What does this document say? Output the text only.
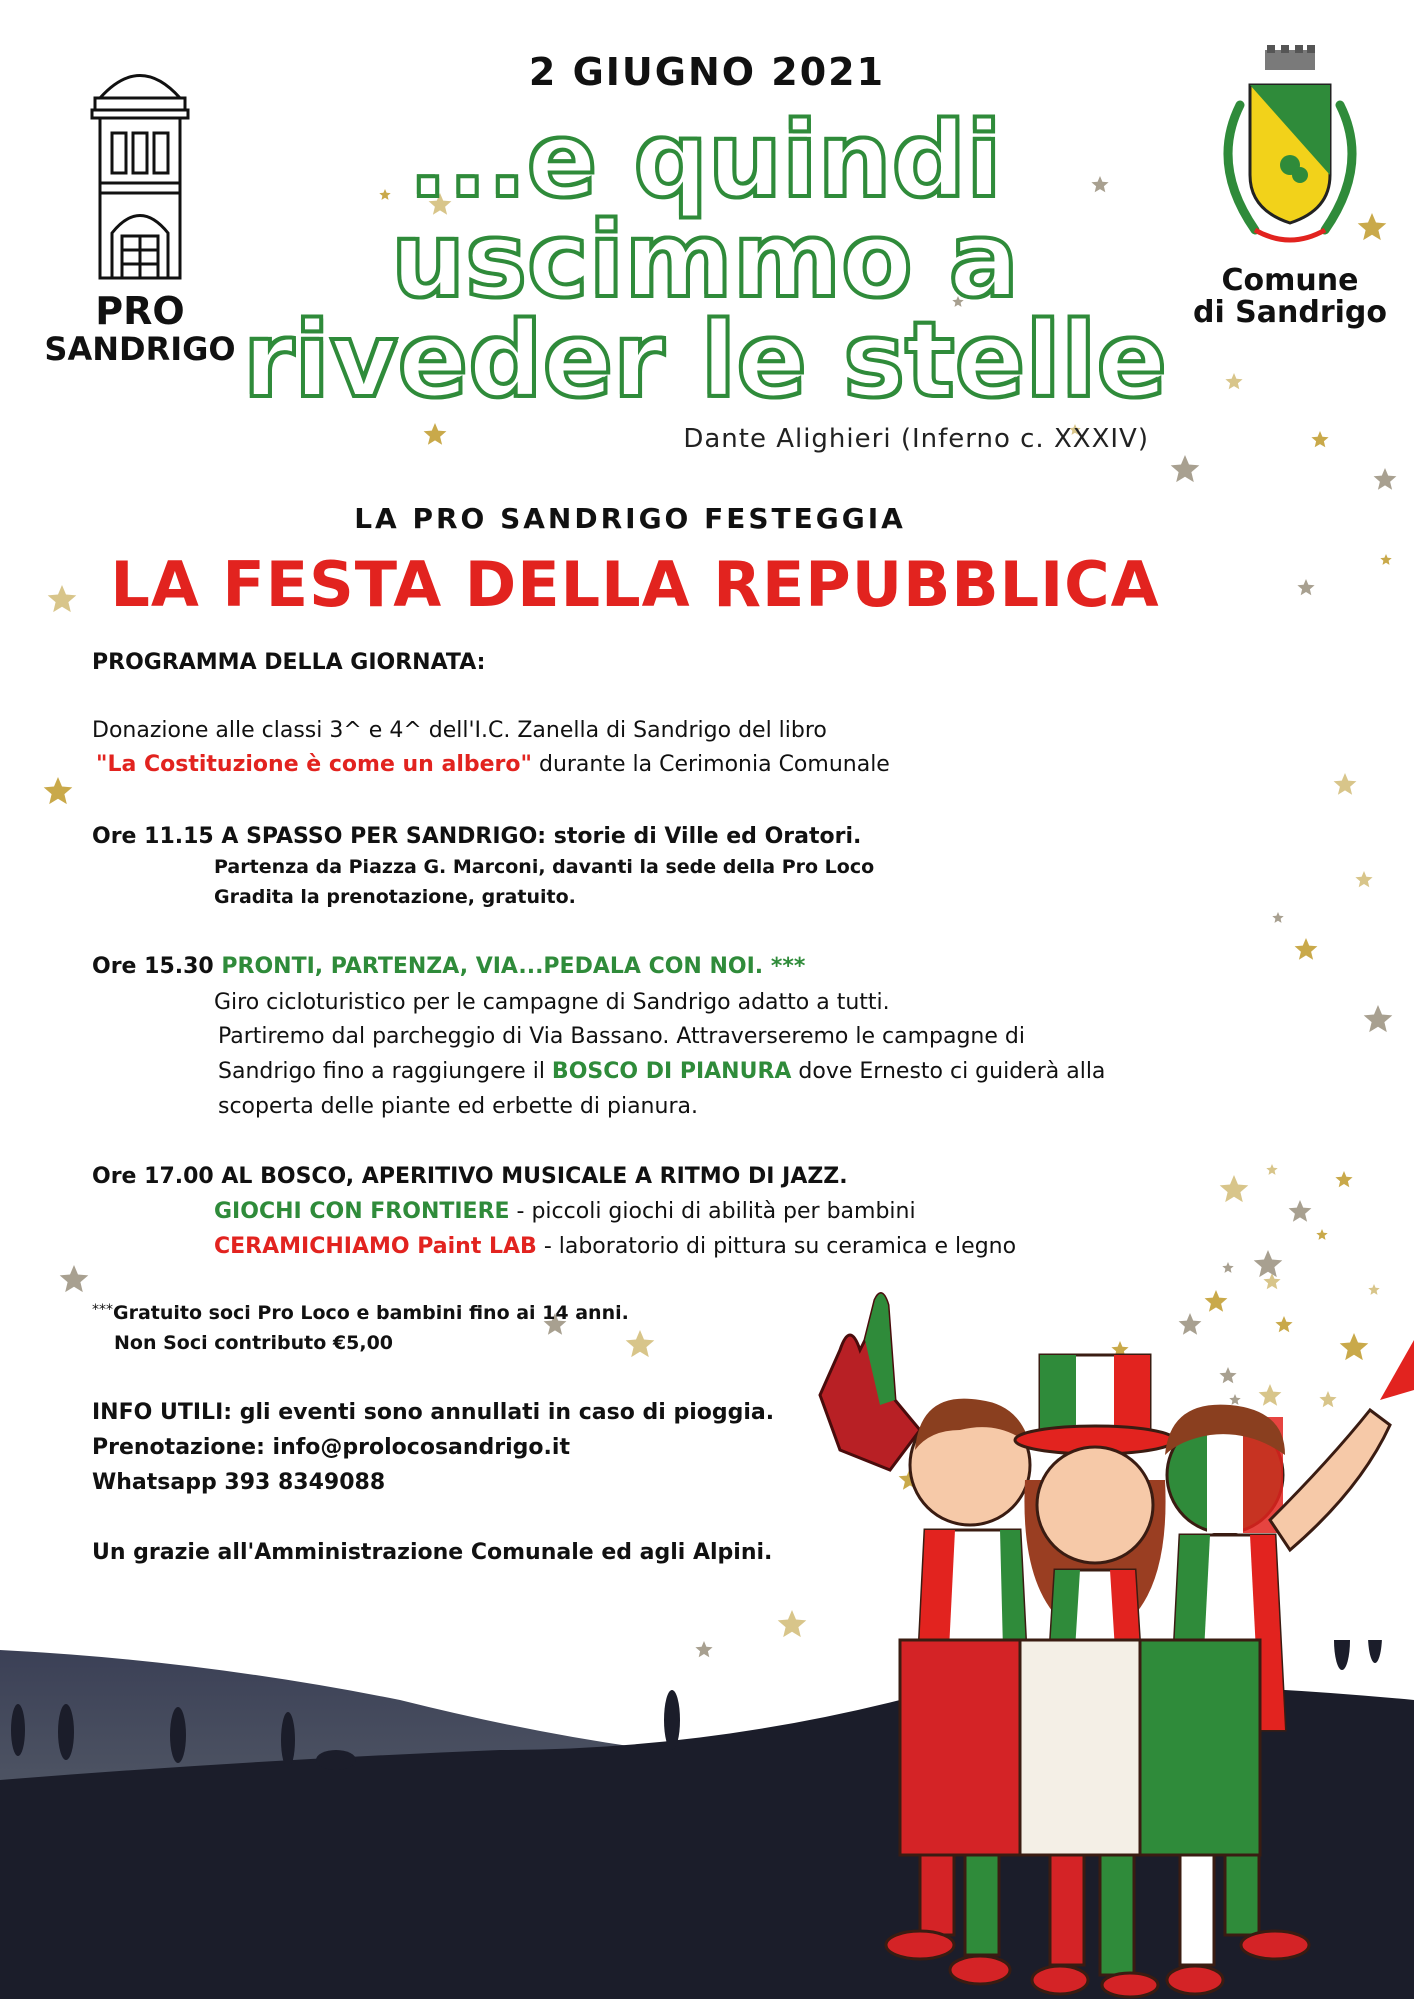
PRO
SANDRIGO
Comune
di Sandrigo
2 GIUGNO 2021
...e quindi
uscimmo a
riveder le stelle
Dante Alighieri (Inferno c. XXXIV)
LA PRO SANDRIGO FESTEGGIA
LA FESTA DELLA REPUBBLICA
PROGRAMMA DELLA GIORNATA:
Donazione alle classi 3^ e 4^ dell'I.C. Zanella di Sandrigo del libro
"La Costituzione è come un albero" durante la Cerimonia Comunale
Ore 11.15 A SPASSO PER SANDRIGO: storie di Ville ed Oratori.
Partenza da Piazza G. Marconi, davanti la sede della Pro Loco
Gradita la prenotazione, gratuito.
Ore 15.30 PRONTI, PARTENZA, VIA...PEDALA CON NOI. ***
Giro cicloturistico per le campagne di Sandrigo adatto a tutti.
Partiremo dal parcheggio di Via Bassano. Attraverseremo le campagne di
Sandrigo fino a raggiungere il BOSCO DI PIANURA dove Ernesto ci guiderà alla
scoperta delle piante ed erbette di pianura.
Ore 17.00 AL BOSCO, APERITIVO MUSICALE A RITMO DI JAZZ.
GIOCHI CON FRONTIERE - piccoli giochi di abilità per bambini
CERAMICHIAMO Paint LAB - laboratorio di pittura su ceramica e legno
***Gratuito soci Pro Loco e bambini fino ai 14 anni.
Non Soci contributo €5,00
INFO UTILI: gli eventi sono annullati in caso di pioggia.
Prenotazione: info@prolocosandrigo.it
Whatsapp 393 8349088
Un grazie all'Amministrazione Comunale ed agli Alpini.
